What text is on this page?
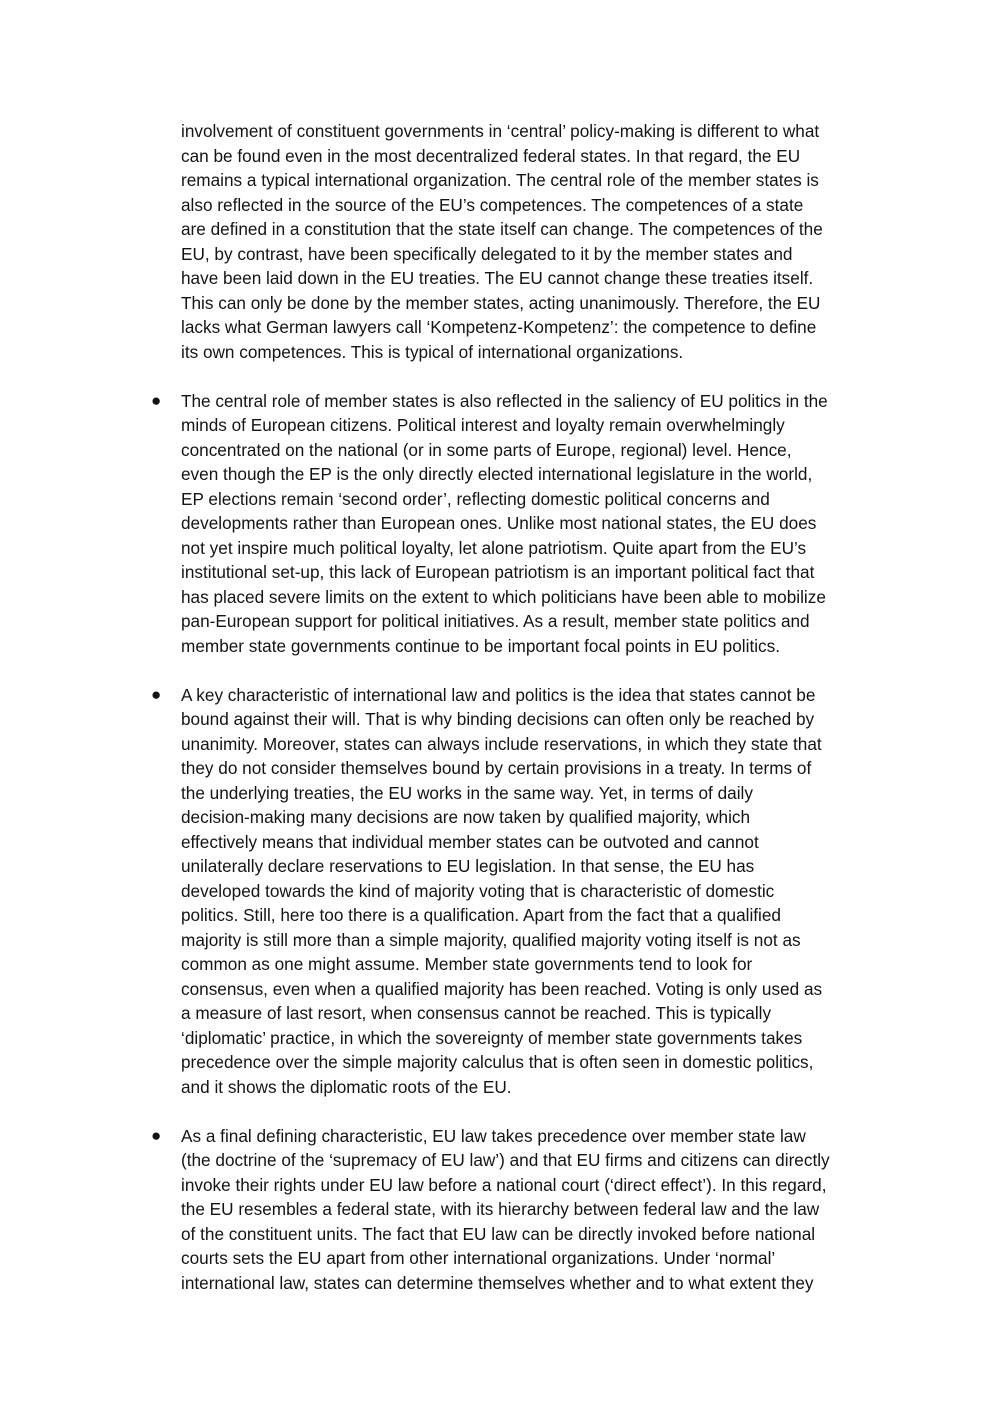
involvement of constituent governments in ‘central’ policy-making is different to what
can be found even in the most decentralized federal states. In that regard, the EU
remains a typical international organization. The central role of the member states is
also reflected in the source of the EU’s competences. The competences of a state
are defined in a constitution that the state itself can change. The competences of the
EU, by contrast, have been specifically delegated to it by the member states and
have been laid down in the EU treaties. The EU cannot change these treaties itself.
This can only be done by the member states, acting unanimously. Therefore, the EU
lacks what German lawyers call ‘Kompetenz-Kompetenz’: the competence to define
its own competences. This is typical of international organizations.
● The central role of member states is also reflected in the saliency of EU politics in the
minds of European citizens. Political interest and loyalty remain overwhelmingly
concentrated on the national (or in some parts of Europe, regional) level. Hence,
even though the EP is the only directly elected international legislature in the world,
EP elections remain ‘second order’, reflecting domestic political concerns and
developments rather than European ones. Unlike most national states, the EU does
not yet inspire much political loyalty, let alone patriotism. Quite apart from the EU’s
institutional set-up, this lack of European patriotism is an important political fact that
has placed severe limits on the extent to which politicians have been able to mobilize
pan-European support for political initiatives. As a result, member state politics and
member state governments continue to be important focal points in EU politics.
● A key characteristic of international law and politics is the idea that states cannot be
bound against their will. That is why binding decisions can often only be reached by
unanimity. Moreover, states can always include reservations, in which they state that
they do not consider themselves bound by certain provisions in a treaty. In terms of
the underlying treaties, the EU works in the same way. Yet, in terms of daily
decision-making many decisions are now taken by qualified majority, which
effectively means that individual member states can be outvoted and cannot
unilaterally declare reservations to EU legislation. In that sense, the EU has
developed towards the kind of majority voting that is characteristic of domestic
politics. Still, here too there is a qualification. Apart from the fact that a qualified
majority is still more than a simple majority, qualified majority voting itself is not as
common as one might assume. Member state governments tend to look for
consensus, even when a qualified majority has been reached. Voting is only used as
a measure of last resort, when consensus cannot be reached. This is typically
‘diplomatic’ practice, in which the sovereignty of member state governments takes
precedence over the simple majority calculus that is often seen in domestic politics,
and it shows the diplomatic roots of the EU.
● As a final defining characteristic, EU law takes precedence over member state law
(the doctrine of the ‘supremacy of EU law’) and that EU firms and citizens can directly
invoke their rights under EU law before a national court (‘direct effect’). In this regard,
the EU resembles a federal state, with its hierarchy between federal law and the law
of the constituent units. The fact that EU law can be directly invoked before national
courts sets the EU apart from other international organizations. Under ‘normal’
international law, states can determine themselves whether and to what extent they
